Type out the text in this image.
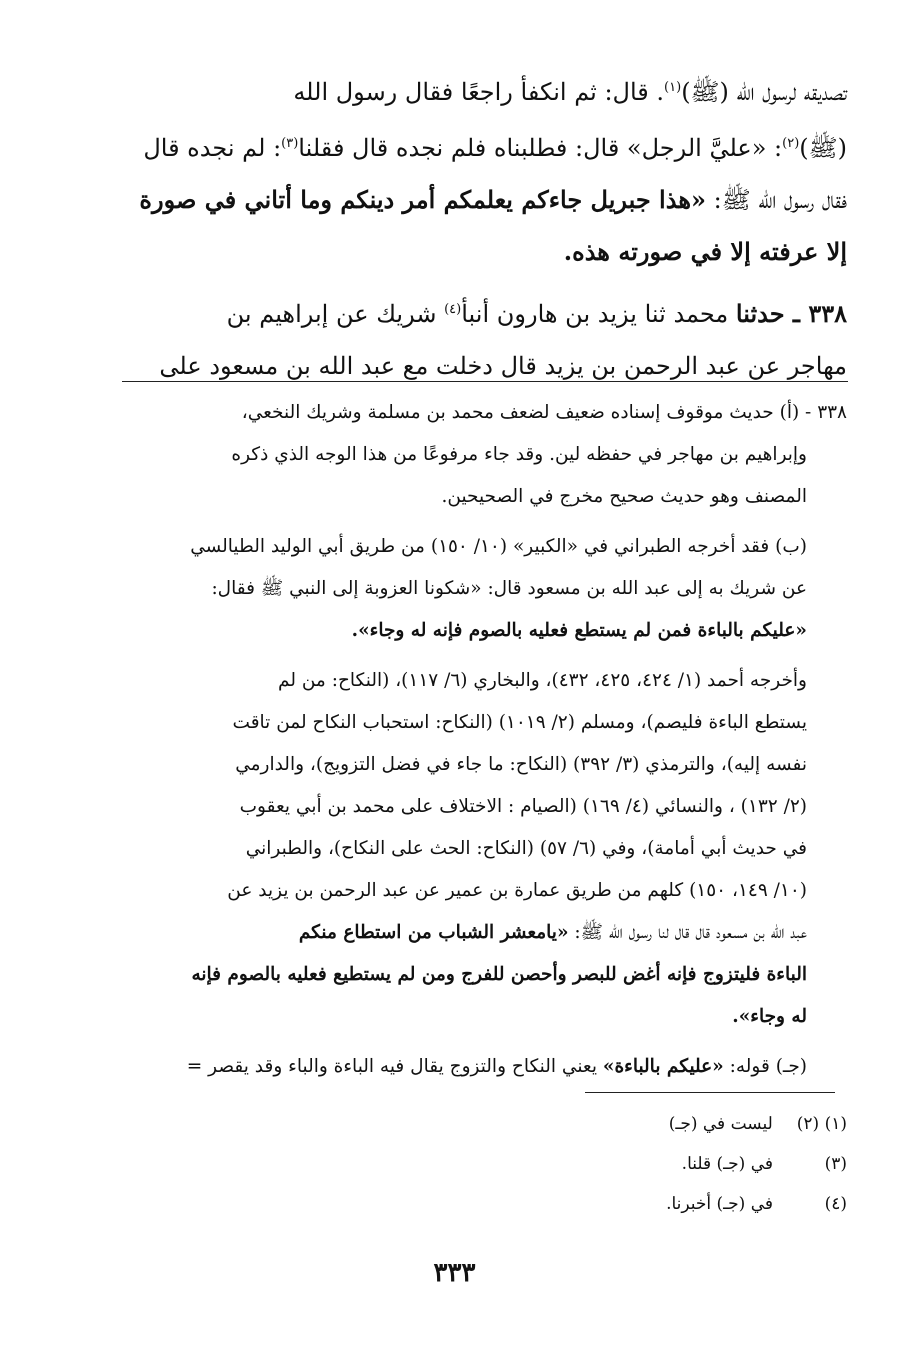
تصديقه لرسول الله (ﷺ)$^{(١)}$. قال: ثم انكفأ راجعًا فقال رسول الله

(ﷺ)$^{(٢)}$: «عليَّ الرجل» قال: فطلبناه فلم نجده قال فقلنا$^{(٣)}$: لم نجده قال

فقال رسول الله ﷺ: «هذا جبريل جاءكم يعلمكم أمر دينكم وما أتاني في صورة

إلا عرفته إلا في صورته هذه.

٣٣٨ ـ حدثنا محمد ثنا يزيد بن هارون أنبأ$^{(٤)}$ شريك عن إبراهيم بن

مهاجر عن عبد الرحمن بن يزيد قال دخلت مع عبد الله بن مسعود على

٣٣٨ - (أ) حديث موقوف إسناده ضعيف لضعف محمد بن مسلمة وشريك النخعي،

وإبراهيم بن مهاجر في حفظه لين. وقد جاء مرفوعًا من هذا الوجه الذي ذكره

المصنف وهو حديث صحيح مخرج في الصحيحين.

(ب) فقد أخرجه الطبراني في «الكبير» (١٠/ ١٥٠) من طريق أبي الوليد الطيالسي

عن شريك به إلى عبد الله بن مسعود قال: «شكونا العزوبة إلى النبي ﷺ فقال:

«عليكم بالباءة فمن لم يستطع فعليه بالصوم فإنه له وجاء».

وأخرجه أحمد (١/ ٤٢٤، ٤٢٥، ٤٣٢)، والبخاري (٦/ ١١٧)، (النكاح: من لم

يستطع الباءة فليصم)، ومسلم (٢/ ١٠١٩) (النكاح: استحباب النكاح لمن تاقت

نفسه إليه)، والترمذي (٣/ ٣٩٢) (النكاح: ما جاء في فضل التزويج)، والدارمي

(٢/ ١٣٢) ، والنسائي (٤/ ١٦٩) (الصيام : الاختلاف على محمد بن أبي يعقوب

في حديث أبي أمامة)، وفي (٦/ ٥٧) (النكاح: الحث على النكاح)، والطبراني

(١٠/ ١٤٩، ١٥٠) كلهم من طريق عمارة بن عمير عن عبد الرحمن بن يزيد عن

عبد الله بن مسعود قال قال لنا رسول الله ﷺ: «يامعشر الشباب من استطاع منكم

الباءة فليتزوج فإنه أغض للبصر وأحصن للفرج ومن لم يستطيع فعليه بالصوم فإنه

له وجاء».

(جـ) قوله: «عليكم بالباءة» يعني النكاح والتزوج يقال فيه الباءة والباء وقد يقصر =

(١) (٢)
ليست في (جـ)
(٣)
في (جـ) قلنا.
(٤)
في (جـ) أخبرنا.
٣٣٣
